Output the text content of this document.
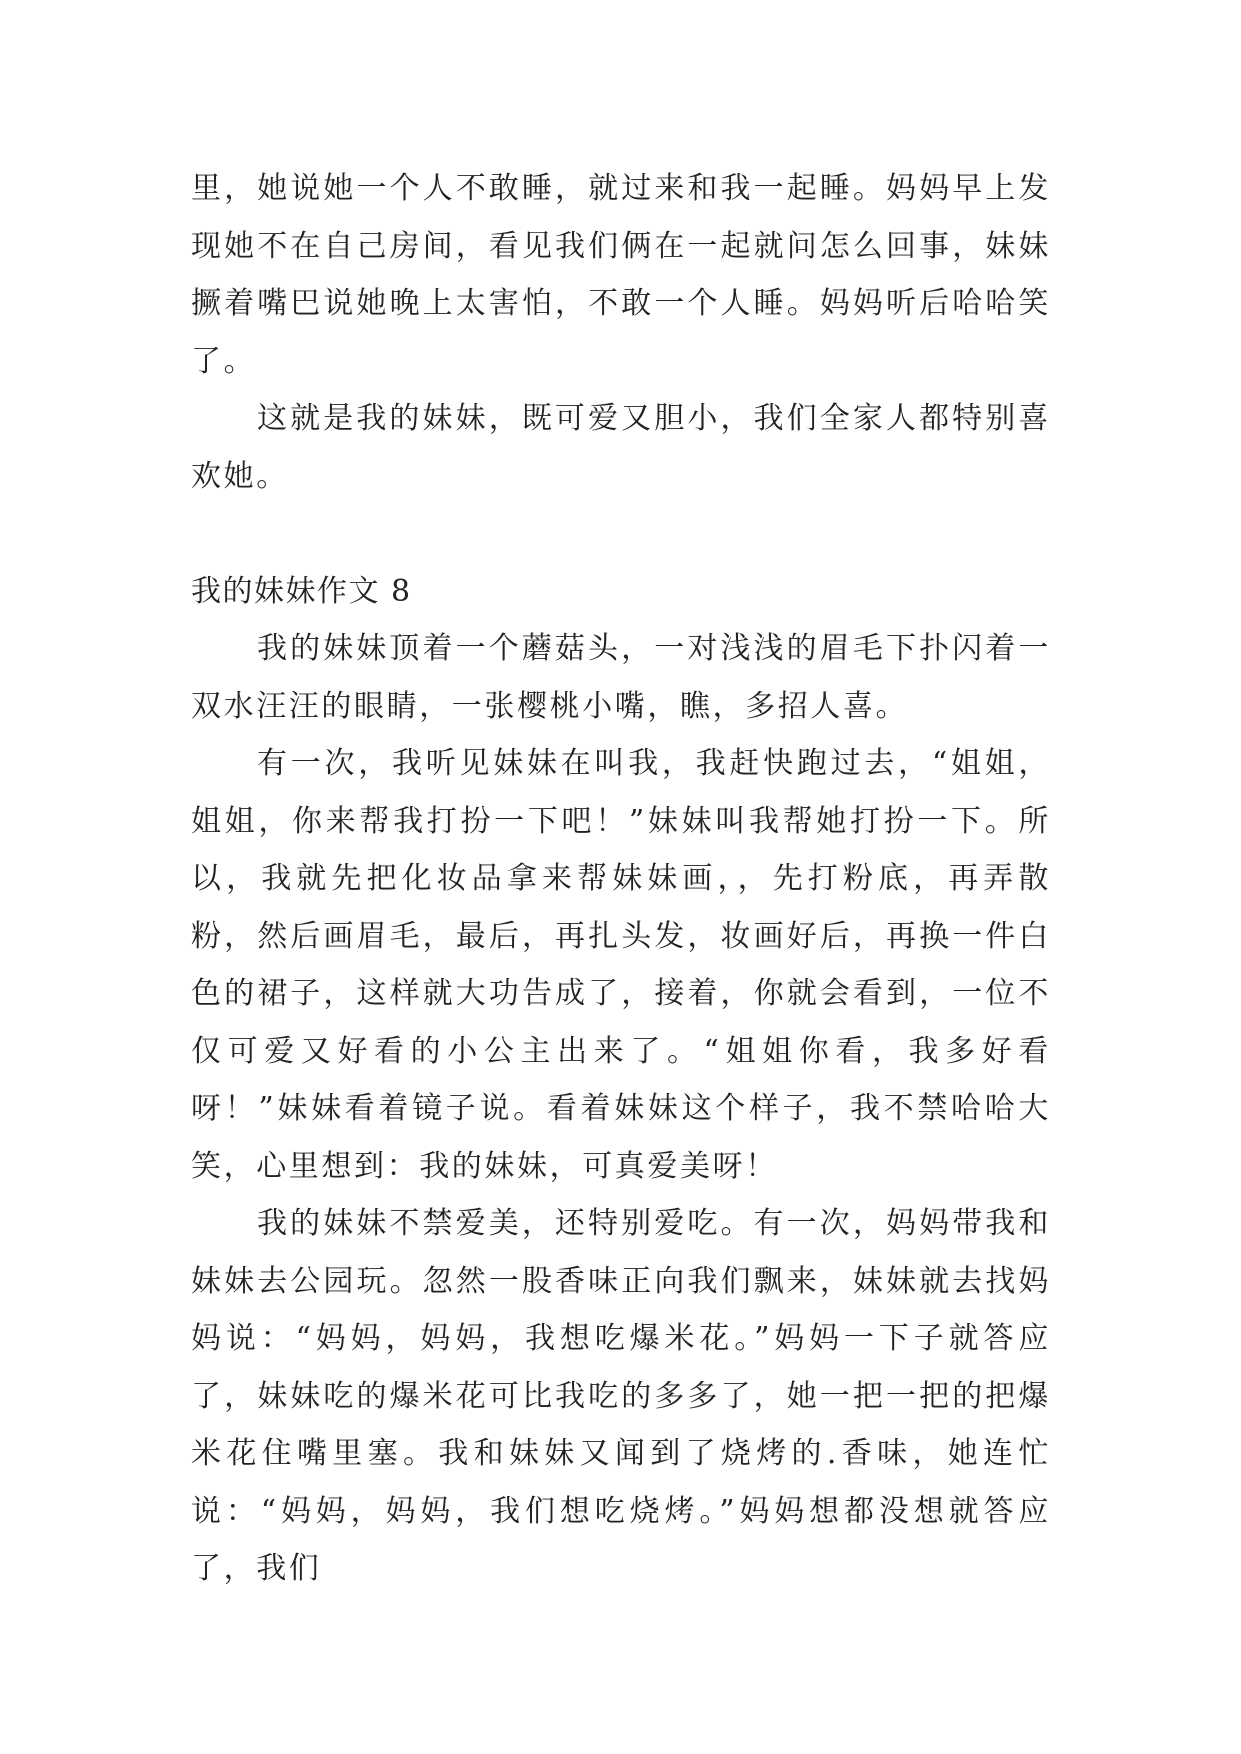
里，她说她一个人不敢睡，就过来和我一起睡。妈妈早上发现她不在自己房间，看见我们俩在一起就问怎么回事，妹妹撅着嘴巴说她晚上太害怕，不敢一个人睡。妈妈听后哈哈笑了。

这就是我的妹妹，既可爱又胆小，我们全家人都特别喜欢她。

我的妹妹作文 8

我的妹妹顶着一个蘑菇头，一对浅浅的眉毛下扑闪着一双水汪汪的眼睛，一张樱桃小嘴，瞧，多招人喜。

有一次，我听见妹妹在叫我，我赶快跑过去，“姐姐，姐姐，你来帮我打扮一下吧！”妹妹叫我帮她打扮一下。所以，我就先把化妆品拿来帮妹妹画，，先打粉底，再弄散粉，然后画眉毛，最后，再扎头发，妆画好后，再换一件白色的裙子，这样就大功告成了，接着，你就会看到，一位不仅可爱又好看的小公主出来了。“姐姐你看，我多好看呀！”妹妹看着镜子说。看着妹妹这个样子，我不禁哈哈大笑，心里想到：我的妹妹，可真爱美呀！

我的妹妹不禁爱美，还特别爱吃。有一次，妈妈带我和妹妹去公园玩。忽然一股香味正向我们飘来，妹妹就去找妈妈说：“妈妈，妈妈，我想吃爆米花。”妈妈一下子就答应了，妹妹吃的爆米花可比我吃的多多了，她一把一把的把爆米花住嘴里塞。我和妹妹又闻到了烧烤的.香味，她连忙说：“妈妈，妈妈，我们想吃烧烤。”妈妈想都没想就答应了，我们
